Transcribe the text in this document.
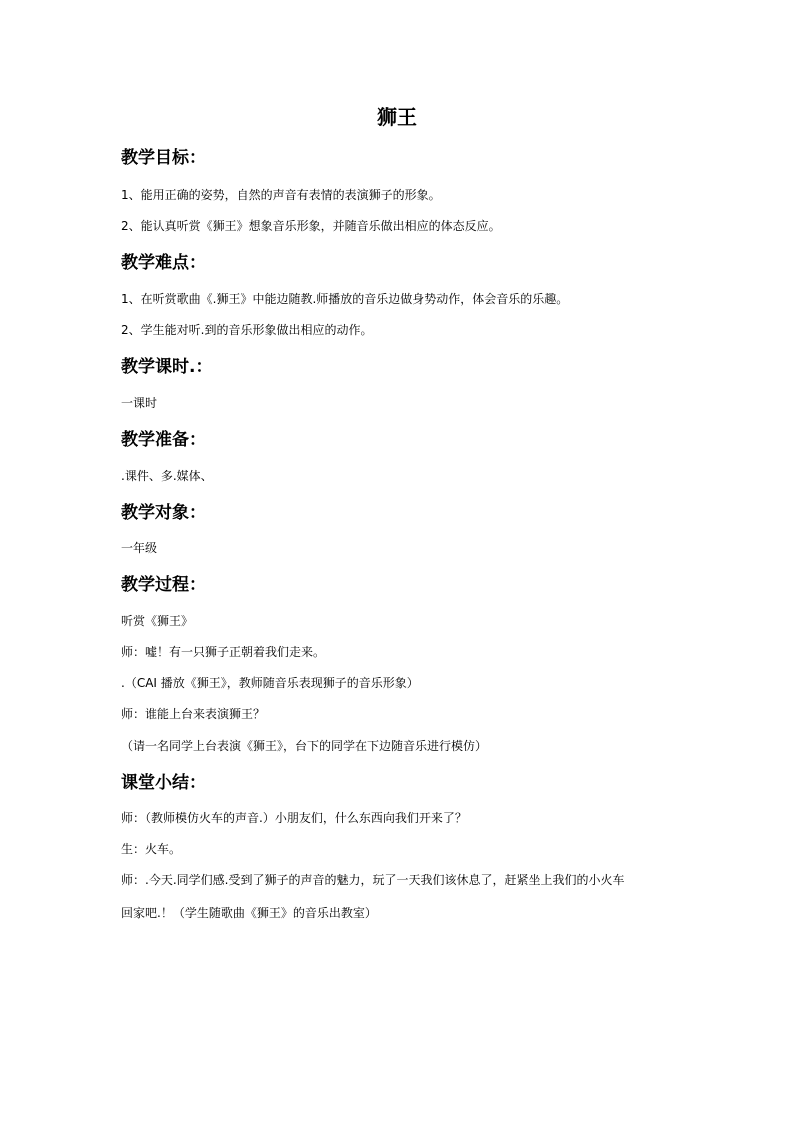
狮王
教学目标：
1、能用正确的姿势，自然的声音有表情的表演狮子的形象。
2、能认真听赏《狮王》想象音乐形象，并随音乐做出相应的体态反应。
教学难点：
1、在听赏歌曲《.狮王》中能边随教.师播放的音乐边做身势动作，体会音乐的乐趣。
2、学生能对听.到的音乐形象做出相应的动作。
教学课时.：
一课时
教学准备：
.课件、多.媒体、
教学对象：
一年级
教学过程：
听赏《狮王》
师：嘘！有一只狮子正朝着我们走来。
.（CAI 播放《狮王》，教师随音乐表现狮子的音乐形象）
师：谁能上台来表演狮王？
（请一名同学上台表演《狮王》，台下的同学在下边随音乐进行模仿）
课堂小结：
师：（教师模仿火车的声音.）小朋友们，什么东西向我们开来了？
生：火车。
师：.今天.同学们感.受到了狮子的声音的魅力，玩了一天我们该休息了，赶紧坐上我们的小火车
回家吧.！（学生随歌曲《狮王》的音乐出教室）
